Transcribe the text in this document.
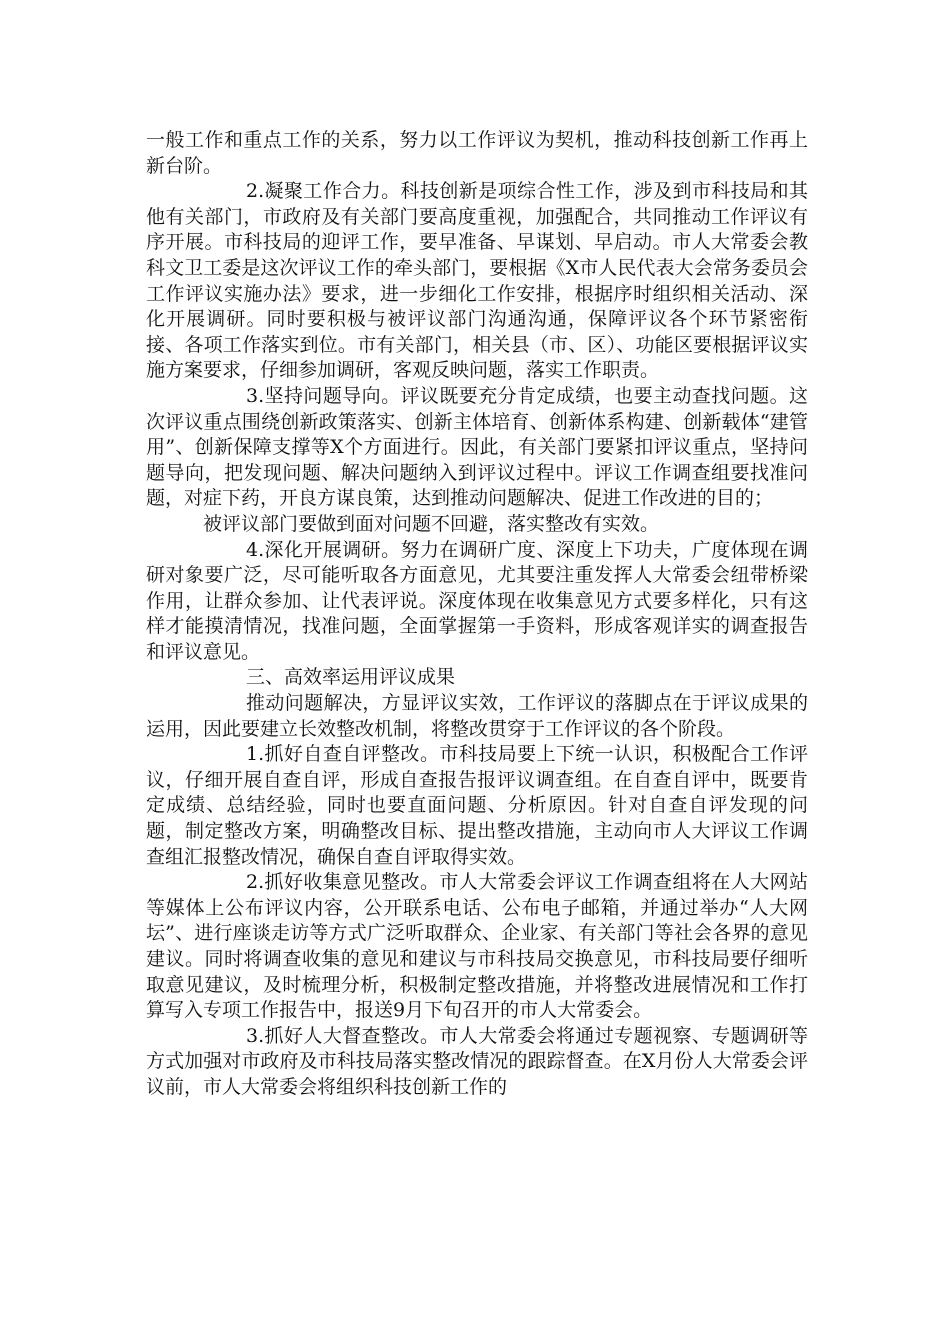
一般工作和重点工作的关系，努力以工作评议为契机，推动科技创新工作再上新台阶。

2.凝聚工作合力。科技创新是项综合性工作，涉及到市科技局和其他有关部门，市政府及有关部门要高度重视，加强配合，共同推动工作评议有序开展。市科技局的迎评工作，要早准备、早谋划、早启动。市人大常委会教科文卫工委是这次评议工作的牵头部门，要根据《X市人民代表大会常务委员会工作评议实施办法》要求，进一步细化工作安排，根据序时组织相关活动、深化开展调研。同时要积极与被评议部门沟通沟通，保障评议各个环节紧密衔接、各项工作落实到位。市有关部门，相关县（市、区）、功能区要根据评议实施方案要求，仔细参加调研，客观反映问题，落实工作职责。

3.坚持问题导向。评议既要充分肯定成绩，也要主动查找问题。这次评议重点围绕创新政策落实、创新主体培育、创新体系构建、创新载体“建管用”、创新保障支撑等X个方面进行。因此，有关部门要紧扣评议重点，坚持问题导向，把发现问题、解决问题纳入到评议过程中。评议工作调查组要找准问题，对症下药，开良方谋良策，达到推动问题解决、促进工作改进的目的；

被评议部门要做到面对问题不回避，落实整改有实效。

4.深化开展调研。努力在调研广度、深度上下功夫，广度体现在调研对象要广泛，尽可能听取各方面意见，尤其要注重发挥人大常委会纽带桥梁作用，让群众参加、让代表评说。深度体现在收集意见方式要多样化，只有这样才能摸清情况，找准问题，全面掌握第一手资料，形成客观详实的调查报告和评议意见。

三、高效率运用评议成果

推动问题解决，方显评议实效，工作评议的落脚点在于评议成果的运用，因此要建立长效整改机制，将整改贯穿于工作评议的各个阶段。

1.抓好自查自评整改。市科技局要上下统一认识，积极配合工作评议，仔细开展自查自评，形成自查报告报评议调查组。在自查自评中，既要肯定成绩、总结经验，同时也要直面问题、分析原因。针对自查自评发现的问题，制定整改方案，明确整改目标、提出整改措施，主动向市人大评议工作调查组汇报整改情况，确保自查自评取得实效。

2.抓好收集意见整改。市人大常委会评议工作调查组将在人大网站等媒体上公布评议内容，公开联系电话、公布电子邮箱，并通过举办“人大网坛”、进行座谈走访等方式广泛听取群众、企业家、有关部门等社会各界的意见建议。同时将调查收集的意见和建议与市科技局交换意见，市科技局要仔细听取意见建议，及时梳理分析，积极制定整改措施，并将整改进展情况和工作打算写入专项工作报告中，报送9月下旬召开的市人大常委会。

3.抓好人大督查整改。市人大常委会将通过专题视察、专题调研等方式加强对市政府及市科技局落实整改情况的跟踪督查。在X月份人大常委会评议前，市人大常委会将组织科技创新工作的
